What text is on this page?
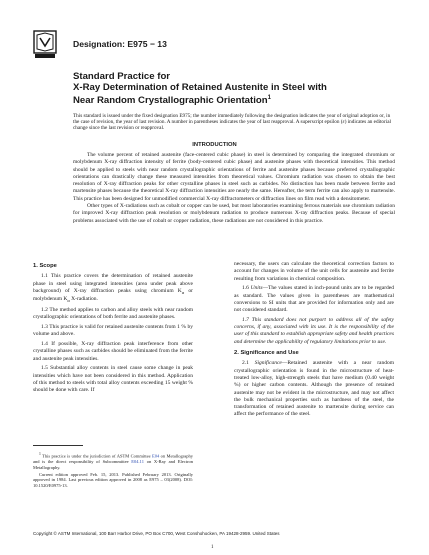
Designation: E975 − 13
Standard Practice for
X-Ray Determination of Retained Austenite in Steel with
Near Random Crystallographic Orientation$^1$
This standard is issued under the fixed designation E975; the number immediately following the designation indicates the year of original adoption or, in the case of revision, the year of last revision. A number in parentheses indicates the year of last reapproval. A superscript epsilon (ε) indicates an editorial change since the last revision or reapproval.
INTRODUCTION

The volume percent of retained austenite (face-centered cubic phase) in steel is determined by comparing the integrated chromium or molybdenum X-ray diffraction intensity of ferrite (body-centered cubic phase) and austenite phases with theoretical intensities. This method should be applied to steels with near random crystallographic orientations of ferrite and austenite phases because preferred crystallographic orientations can drastically change these measured intensities from theoretical values. Chromium radiation was chosen to obtain the best resolution of X-ray diffraction peaks for other crystalline phases in steel such as carbides. No distinction has been made between ferrite and martensite phases because the theoretical X-ray diffraction intensities are nearly the same. Hereafter, the term ferrite can also apply to martensite. This practice has been designed for unmodified commercial X-ray diffractometers or diffraction lines on film read with a densitometer.

Other types of X-radiations such as cobalt or copper can be used, but most laboratories examining ferrous materials use chromium radiation for improved X-ray diffraction peak resolution or molybdenum radiation to produce numerous X-ray diffraction peaks. Because of special problems associated with the use of cobalt or copper radiation, these radiations are not considered in this practice.

1. Scope

1.1 This practice covers the determination of retained austenite phase in steel using integrated intensities (area under peak above background) of X-ray diffraction peaks using chromium $K_\alpha$ or molybdenum $K_\alpha$ X-radiation.

1.2 The method applies to carbon and alloy steels with near random crystallographic orientations of both ferrite and austenite phases.

1.3 This practice is valid for retained austenite contents from 1 % by volume and above.

1.4 If possible, X-ray diffraction peak interference from other crystalline phases such as carbides should be eliminated from the ferrite and austenite peak intensities.

1.5 Substantial alloy contents in steel cause some change in peak intensities which have not been considered in this method. Application of this method to steels with total alloy contents exceeding 15 weight % should be done with care. If

necessary, the users can calculate the theoretical correction factors to account for changes in volume of the unit cells for austenite and ferrite resulting from variations in chemical composition.

1.6 Units—The values stated in inch-pound units are to be regarded as standard. The values given in parentheses are mathematical conversions to SI units that are provided for information only and are not considered standard.

1.7 This standard does not purport to address all of the safety concerns, if any, associated with its use. It is the responsibility of the user of this standard to establish appropriate safety and health practices and determine the applicability of regulatory limitations prior to use.

2. Significance and Use

2.1 Significance—Retained austenite with a near random crystallographic orientation is found in the microstructure of heat-treated low-alloy, high-strength steels that have medium (0.40 weight %) or higher carbon contents. Although the presence of retained austenite may not be evident in the microstructure, and may not affect the bulk mechanical properties such as hardness of the steel, the transformation of retained austenite to martensite during service can affect the performance of the steel.

$^1$ This practice is under the jurisdiction of ASTM Committee E04 on Metallography and is the direct responsibility of Subcommittee E04.11 on X-Ray and Electron Metallography.

Current edition approved Feb. 15, 2013. Published February 2013. Originally approved in 1984. Last previous edition approved in 2008 as E975 – 03(2008). DOI: 10.1520/E0975-13.

Copyright © ASTM International, 100 Barr Harbor Drive, PO Box C700, West Conshohocken, PA 19428-2959. United States
1
